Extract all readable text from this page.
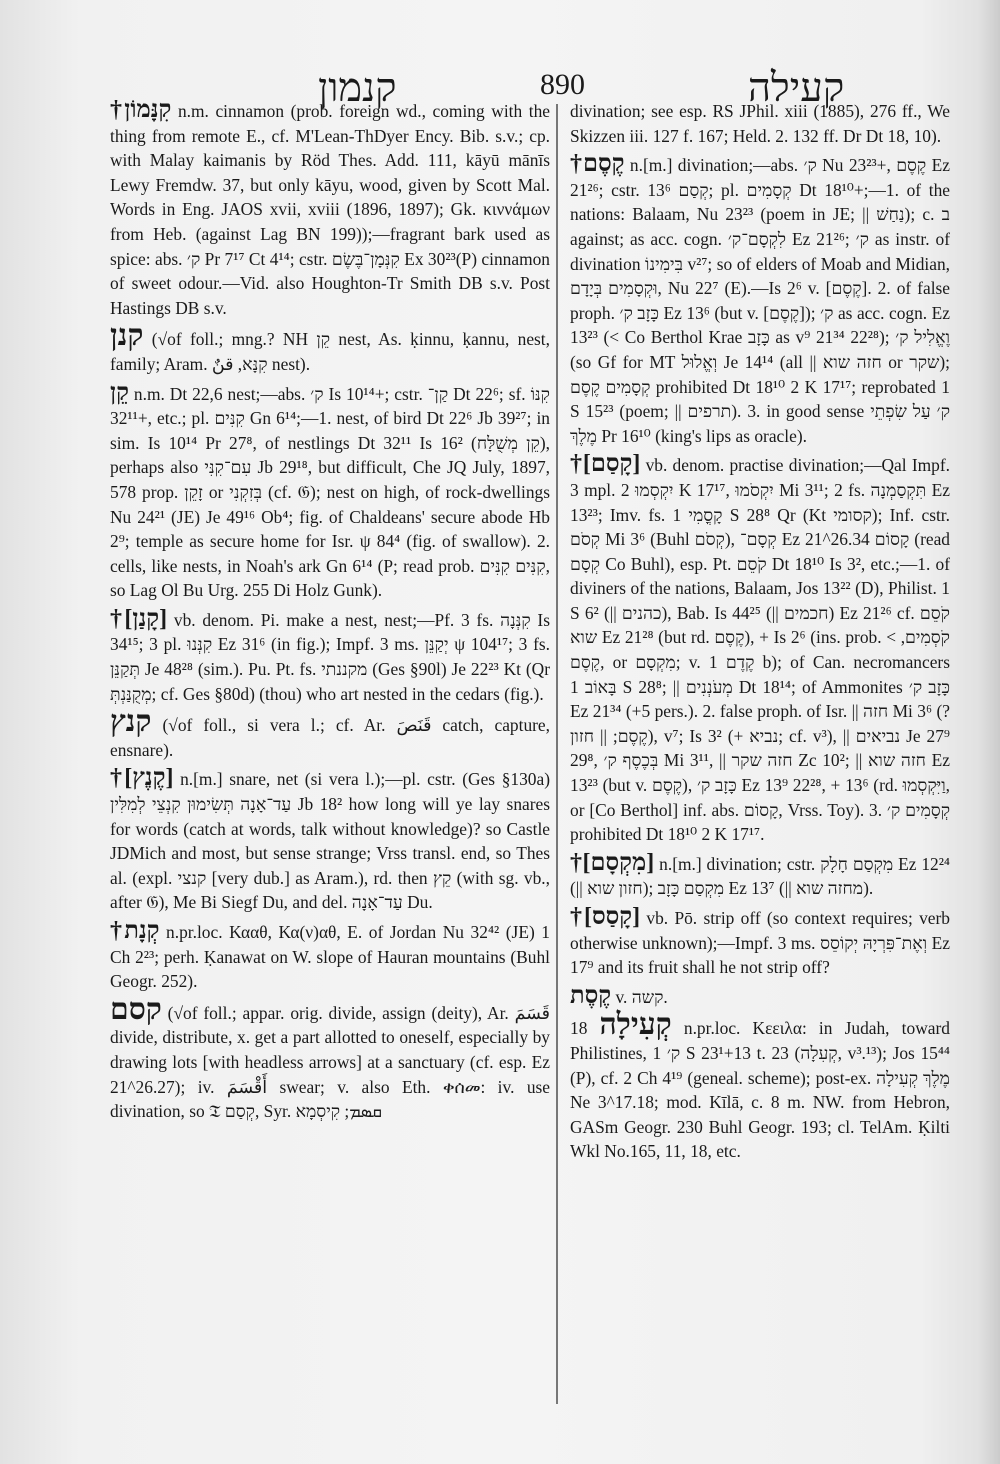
קנמון	890	קעילה

†קִנָּמוֹן n.m. cinnamon (prob. foreign wd., coming with the thing from remote E., cf. M'Lean-ThDyer Ency. Bib. s.v.; cp. with Malay kaimanis by Röd Thes. Add. 111, kāyū mānīs Lewy Fremdw. 37, but only kāyu, wood, given by Scott Mal. Words in Eng. JAOS xvii, xviii (1896, 1897); Gk. κιννάμων from Heb. (against Lag BN 199));—fragrant bark used as spice: abs. ק׳ Pr 7¹⁷ Ct 4¹⁴; cstr. קִנְּמָן־בֶּשֶׂם Ex 30²³(P) cinnamon of sweet odour.—Vid. also Houghton-Tr Smith DB s.v. Post Hastings DB s.v.

קנן (√of foll.; mng.? NH קֵן nest, As. ḳinnu, ḳannu, nest, family; Aram. קִנָּא, قنٌ nest).

קֵן n.m. Dt 22,6 nest;—abs. ק׳ Is 10¹⁴+; cstr. קַן־ Dt 22⁶; sf. קִנּוֹ 32¹¹+, etc.; pl. קִנִּים Gn 6¹⁴;—1. nest, of bird Dt 22⁶ Jb 39²⁷; in sim. Is 10¹⁴ Pr 27⁸, of nestlings Dt 32¹¹ Is 16² (קֵן מְשֻׁלָּח), perhaps also עִם־קִנִּי Jb 29¹⁸, but difficult, Che JQ July, 1897, 578 prop. זָקֵן or בְּזִקְנִי (cf. 𝔊); nest on high, of rock-dwellings Nu 24²¹ (JE) Je 49¹⁶ Ob⁴; fig. of Chaldeans' secure abode Hb 2⁹; temple as secure home for Isr. ψ 84⁴ (fig. of swallow). 2. cells, like nests, in Noah's ark Gn 6¹⁴ (P; read prob. קִנִּים קִנִּים, so Lag Ol Bu Urg. 255 Di Holz Gunk).

†[קָנַן] vb. denom. Pi. make a nest, nest;—Pf. 3 fs. קִנְּנָה Is 34¹⁵; 3 pl. קִנְּנוּ Ez 31⁶ (in fig.); Impf. 3 ms. יְקַנֵּן ψ 104¹⁷; 3 fs. תְּקַנֵּן Je 48²⁸ (sim.). Pu. Pt. fs. מקננתי (Ges §90l) Je 22²³ Kt (Qr מְקֻנַּנְתְּ; cf. Ges §80d) (thou) who art nested in the cedars (fig.).

קנץ (√of foll., si vera l.; cf. Ar. قَنَصَ catch, capture, ensnare).

†[קֶנֶץ] n.[m.] snare, net (si vera l.);—pl. cstr. (Ges §130a) עַד־אָנָה תְּשִׂימוּן קִנְצֵי לְמִלִּין Jb 18² how long will ye lay snares for words (catch at words, talk without knowledge)? so Castle JDMich and most, but sense strange; Vrss transl. end, so Thes al. (expl. קנצי [very dub.] as Aram.), rd. then קֵץ (with sg. vb., after 𝔊), Me Bi Siegf Du, and del. עַד־אָנָה Du.

†קְנָת n.pr.loc. Κααθ, Κα(ν)αθ, E. of Jordan Nu 32⁴² (JE) 1 Ch 2²³; perh. Ḳanawat on W. slope of Hauran mountains (Buhl Geogr. 252).

קסם (√of foll.; appar. orig. divide, assign (deity), Ar. قَسَمَ divide, distribute, x. get a part allotted to oneself, especially by drawing lots [with headless arrows] at a sanctuary (cf. esp. Ez 21^26.27); iv. أَقْسَمَ swear; v. also Eth. ቀሰመ: iv. use divination, so 𝔗 קְסַם, Syr. ܩܣܡ; קִיסְמָא

divination; see esp. RS JPhil. xiii (1885), 276 ff., We Skizzen iii. 127 f. 167; Held. 2. 132 ff. Dr Dt 18, 10).

†קֶסֶם n.[m.] divination;—abs. ק׳ Nu 23²³+, קֶסֶם Ez 21²⁶; cstr. קְסַם 13⁶; pl. קְסָמִים Dt 18¹⁰+;—1. of the nations: Balaam, Nu 23²³ (poem in JE; || נַחַשׁ); c. ב against; as acc. cogn. לִקְסָם־ק׳ Ez 21²⁶; ק׳ as instr. of divination בִּימִינוֹ v²⁷; so of elders of Moab and Midian, וּקְסָמִים בְּיָדָם, Nu 22⁷ (E).—Is 2⁶ v. [קֶסֶם]. 2. of false proph. כָּזָב ק׳ Ez 13⁶ (but v. [קֶסֶם]); ק׳ as acc. cogn. Ez 13²³ (< Co Berthol Krae כָּזָב as v⁹ 21³⁴ 22²⁸); וֶאֱלִיל ק׳ (so Gf for MT וְאֱלוּל Je 14¹⁴ (all || חזה שוא or שקר); קְסָמִים קֶסֶם prohibited Dt 18¹⁰ 2 K 17¹⁷; reprobated 1 S 15²³ (poem; || תרפים). 3. in good sense ק׳ עַל שִׂפְתֵי מֶלֶךְ Pr 16¹⁰ (king's lips as oracle).

†[קָסַם] vb. denom. practise divination;—Qal Impf. 3 mpl. יִקְסְמוּ 2 K 17¹⁷, יִקְסֹמוּ Mi 3¹¹; 2 fs. תִּקְסַמְנָה Ez 13²³; Imv. fs. קָסֳמִי 1 S 28⁸ Qr (Kt קסומי); Inf. cstr. קְסֹם Mi 3⁶ (Buhl קְסֹם), קְסָם־ Ez 21^26.34 קָסוֹם (read קְסָם Co Buhl), esp. Pt. קֹסֵם Dt 18¹⁰ Is 3², etc.;—1. of diviners of the nations, Balaam, Jos 13²² (D), Philist. 1 S 6² (|| כהנים), Bab. Is 44²⁵ (|| חכמים) Ez 21²⁶ cf. קֹסֵם שוא Ez 21²⁸ (but rd. קֶסֶם), + Is 2⁶ (ins. prob. קֹסְמִים, > קֶסֶם, or מִקְסָם; v. קֶדֶם 1 b); of Can. necromancers בָּאוֹב 1 S 28⁸; || מְעֹנְנִים Dt 18¹⁴; of Ammonites כָּזָב ק׳ Ez 21³⁴ (+5 pers.). 2. false proph. of Isr. || חזה Mi 3⁶ (? קֶסֶם; || חזון), v⁷; Is 3² (+ נביא; cf. v³), || נביאים Je 27⁹ 29⁸, בְּכֶסֶף ק׳ Mi 3¹¹, || חזה שקר Zc 10²; || חזה שוא Ez 13²³ (but v. קֶסֶם), כָּזָב ק׳ Ez 13⁹ 22²⁸, + 13⁶ (rd. וַיִּקְסְמוּ, or [Co Berthol] inf. abs. קָסוֹם, Vrss. Toy). 3. קְסָמִים ק׳ prohibited Dt 18¹⁰ 2 K 17¹⁷.

†[מִקְסָם] n.[m.] divination; cstr. מִקְסַם חָלָק Ez 12²⁴ (|| חזון שוא); מִקְסַם כָּזָב Ez 13⁷ (|| מחזה שוא).

†[קָסַס] vb. Pō. strip off (so context requires; verb otherwise unknown);—Impf. 3 ms. וְאֶת־פִּרְיָהּ יְקוֹסֵס Ez 17⁹ and its fruit shall he not strip off?

קֶסֶת v. קשה.

קְעִילָה 18 n.pr.loc. Κεειλα: in Judah, toward Philistines, ק׳ 1 S 23¹+13 t. 23 (קְעִלָה, v³.¹³); Jos 15⁴⁴ (P), cf. 2 Ch 4¹⁹ (geneal. scheme); post-ex. מֶלֶךְ קְעִילָה Ne 3^17.18; mod. Kīlā, c. 8 m. NW. from Hebron, GASm Geogr. 230 Buhl Geogr. 193; cl. TelAm. Ḳilti Wkl No.165, 11, 18, etc.
